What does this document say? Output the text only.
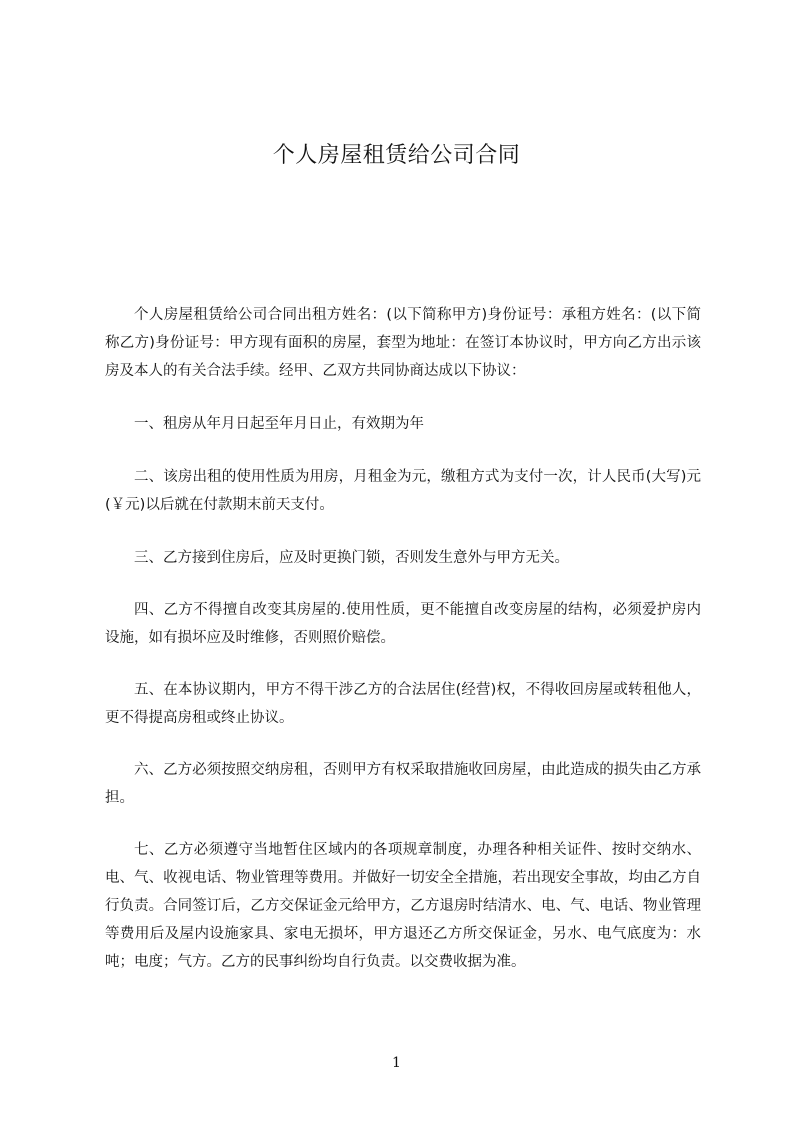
个人房屋租赁给公司合同

个人房屋租赁给公司合同出租方姓名：(以下简称甲方)身份证号：承租方姓名：(以下简称乙方)身份证号：甲方现有面积的房屋，套型为地址：在签订本协议时，甲方向乙方出示该房及本人的有关合法手续。经甲、乙双方共同协商达成以下协议：

一、租房从年月日起至年月日止，有效期为年

二、该房出租的使用性质为用房，月租金为元，缴租方式为支付一次，计人民币(大写)元(￥元)以后就在付款期末前天支付。

三、乙方接到住房后，应及时更换门锁，否则发生意外与甲方无关。

四、乙方不得擅自改变其房屋的.使用性质，更不能擅自改变房屋的结构，必须爱护房内设施，如有损坏应及时维修，否则照价赔偿。

五、在本协议期内，甲方不得干涉乙方的合法居住(经营)权，不得收回房屋或转租他人，更不得提高房租或终止协议。

六、乙方必须按照交纳房租，否则甲方有权采取措施收回房屋，由此造成的损失由乙方承担。

七、乙方必须遵守当地暂住区域内的各项规章制度，办理各种相关证件、按时交纳水、电、气、收视电话、物业管理等费用。并做好一切安全全措施，若出现安全事故，均由乙方自行负责。合同签订后，乙方交保证金元给甲方，乙方退房时结清水、电、气、电话、物业管理等费用后及屋内设施家具、家电无损坏，甲方退还乙方所交保证金，另水、电气底度为：水吨；电度；气方。乙方的民事纠纷均自行负责。以交费收据为准。

1
